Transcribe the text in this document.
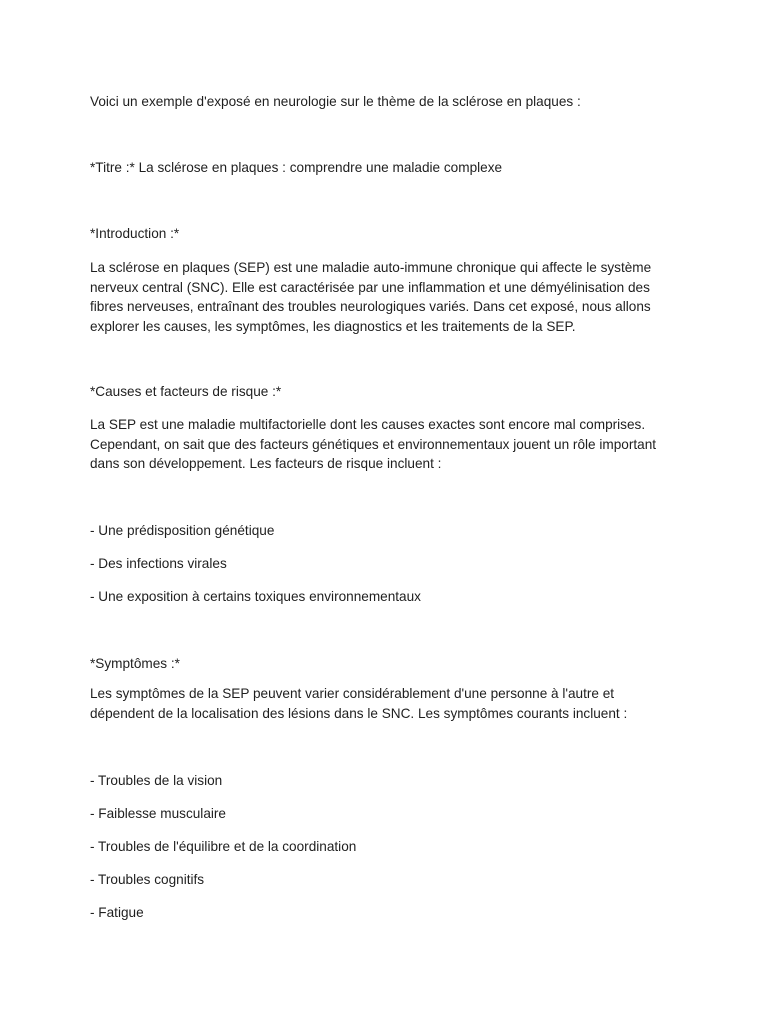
Voici un exemple d'exposé en neurologie sur le thème de la sclérose en plaques :
*Titre :* La sclérose en plaques : comprendre une maladie complexe
*Introduction :*
La sclérose en plaques (SEP) est une maladie auto-immune chronique qui affecte le système
nerveux central (SNC). Elle est caractérisée par une inflammation et une démyélinisation des
fibres nerveuses, entraînant des troubles neurologiques variés. Dans cet exposé, nous allons
explorer les causes, les symptômes, les diagnostics et les traitements de la SEP.
*Causes et facteurs de risque :*
La SEP est une maladie multifactorielle dont les causes exactes sont encore mal comprises.
Cependant, on sait que des facteurs génétiques et environnementaux jouent un rôle important
dans son développement. Les facteurs de risque incluent :
- Une prédisposition génétique
- Des infections virales
- Une exposition à certains toxiques environnementaux
*Symptômes :*
Les symptômes de la SEP peuvent varier considérablement d'une personne à l'autre et
dépendent de la localisation des lésions dans le SNC. Les symptômes courants incluent :
- Troubles de la vision
- Faiblesse musculaire
- Troubles de l'équilibre et de la coordination
- Troubles cognitifs
- Fatigue
